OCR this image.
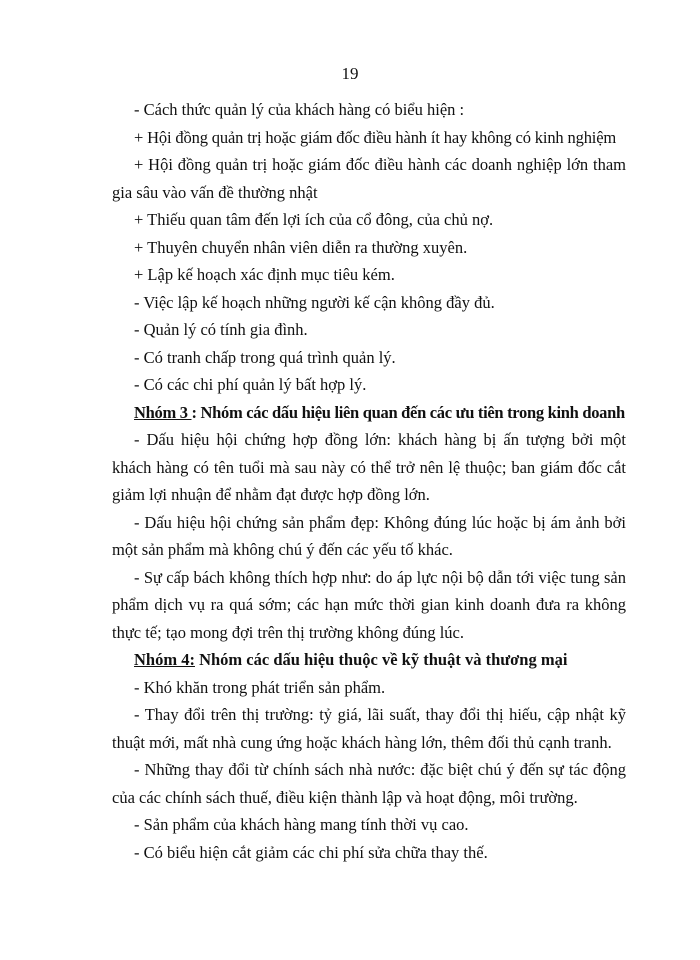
19

- Cách thức quản lý của khách hàng có biểu hiện :

+ Hội đồng quản trị hoặc giám đốc điều hành ít hay không có kinh nghiệm

+ Hội đồng quản trị hoặc giám đốc điều hành các doanh nghiệp lớn tham gia sâu vào vấn đề thường nhật

+ Thiếu quan tâm đến lợi ích của cổ đông, của chủ nợ.

+ Thuyên chuyển nhân viên diễn ra thường xuyên.

+ Lập kế hoạch xác định mục tiêu kém.

- Việc lập kế hoạch những người kế cận không đầy đủ.

- Quản lý có tính gia đình.

- Có tranh chấp trong quá trình quản lý.

- Có các chi phí quản lý bất hợp lý.

Nhóm 3 : Nhóm các dấu hiệu liên quan đến các ưu tiên trong kinh doanh

- Dấu hiệu hội chứng hợp đồng lớn: khách hàng bị ấn tượng bởi một khách hàng có tên tuổi mà sau này có thể trở nên lệ thuộc; ban giám đốc cắt giảm lợi nhuận để nhằm đạt được hợp đồng lớn.

- Dấu hiệu hội chứng sản phẩm đẹp: Không đúng lúc hoặc bị ám ảnh bởi một sản phẩm mà không chú ý đến các yếu tố khác.

- Sự cấp bách không thích hợp như: do áp lực nội bộ dẫn tới việc tung sản phẩm dịch vụ ra quá sớm; các hạn mức thời gian kinh doanh đưa ra không thực tế; tạo mong đợi trên thị trường không đúng lúc.

Nhóm 4: Nhóm các dấu hiệu thuộc về kỹ thuật và thương mại

- Khó khăn trong phát triển sản phẩm.

- Thay đổi trên thị trường: tỷ giá, lãi suất, thay đổi thị hiếu, cập nhật kỹ thuật mới, mất nhà cung ứng hoặc khách hàng lớn, thêm đối thủ cạnh tranh.

- Những thay đổi từ chính sách nhà nước: đặc biệt chú ý đến sự tác động của các chính sách thuế, điều kiện thành lập và hoạt động, môi trường.

- Sản phẩm của khách hàng mang tính thời vụ cao.

- Có biểu hiện cắt giảm các chi phí sửa chữa thay thế.
